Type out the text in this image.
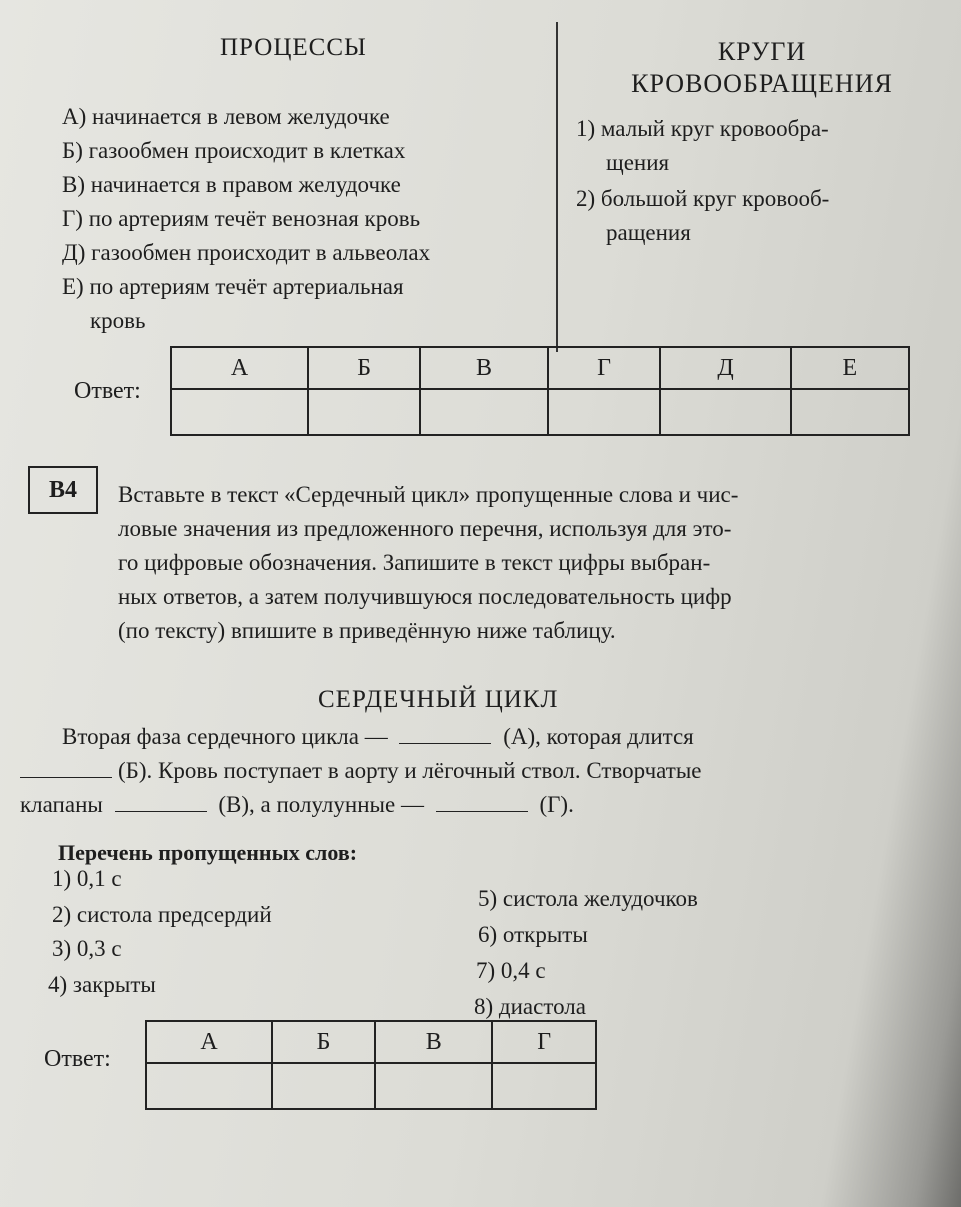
ПРОЦЕССЫ
А) начинается в левом желудочке
Б) газообмен происходит в клетках
В) начинается в правом желудочке
Г) по артериям течёт венозная кровь
Д) газообмен происходит в альвеолах
Е) по артериям течёт артериальная
кровь
КРУГИ
КРОВООБРАЩЕНИЯ
1) малый круг кровообра-
щения
2) большой круг кровооб-
ращения
Ответ:
А	Б	В	Г	Д	Е

В4	Вставьте в текст «Сердечный цикл» пропущенные слова и чис-
ловые значения из предложенного перечня, используя для это-
го цифровые обозначения. Запишите в текст цифры выбран-
ных ответов, а затем получившуюся последовательность цифр
(по тексту) впишите в приведённую ниже таблицу.
СЕРДЕЧНЫЙ ЦИКЛ
Вторая фаза сердечного цикла —	(А), которая длится
(Б). Кровь поступает в аорту и лёгочный ствол. Створчатые
клапаны	(В), а полулунные —	(Г).
Перечень пропущенных слов:
1) 0,1 с
2) систола предсердий
3) 0,3 с
4) закрыты
5) систола желудочков
6) открыты
7) 0,4 с
8) диастола
Ответ:
А	Б	В	Г
